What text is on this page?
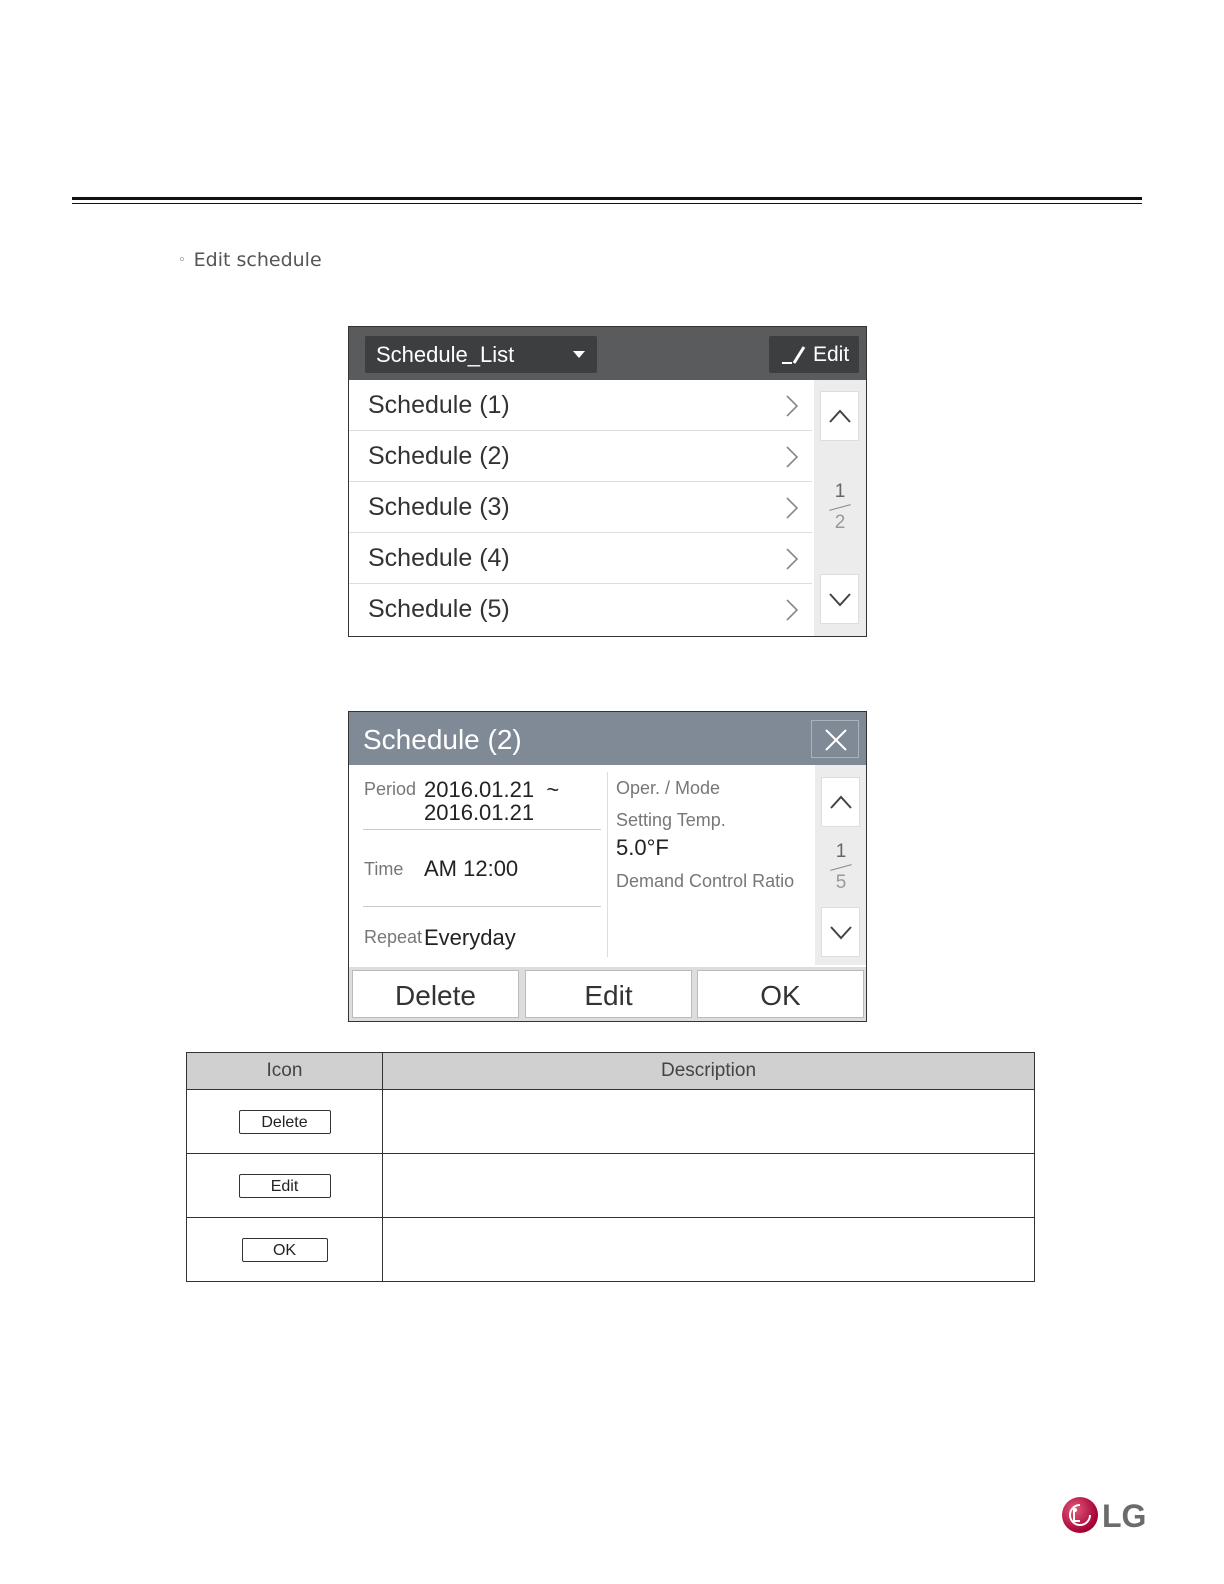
◦ Edit schedule
Schedule_List	Edit
Schedule (1)
Schedule (2)
Schedule (3)
Schedule (4)
Schedule (5)
1
2
Schedule (2)
Period 2016.01.21  ~
2016.01.21
Time AM 12:00
Repeat Everyday
Oper. / Mode
Setting Temp.
5.0°F
Demand Control Ratio
1
5
Delete	Edit	OK
Icon	Description
Delete	
Edit	
OK	
LG
